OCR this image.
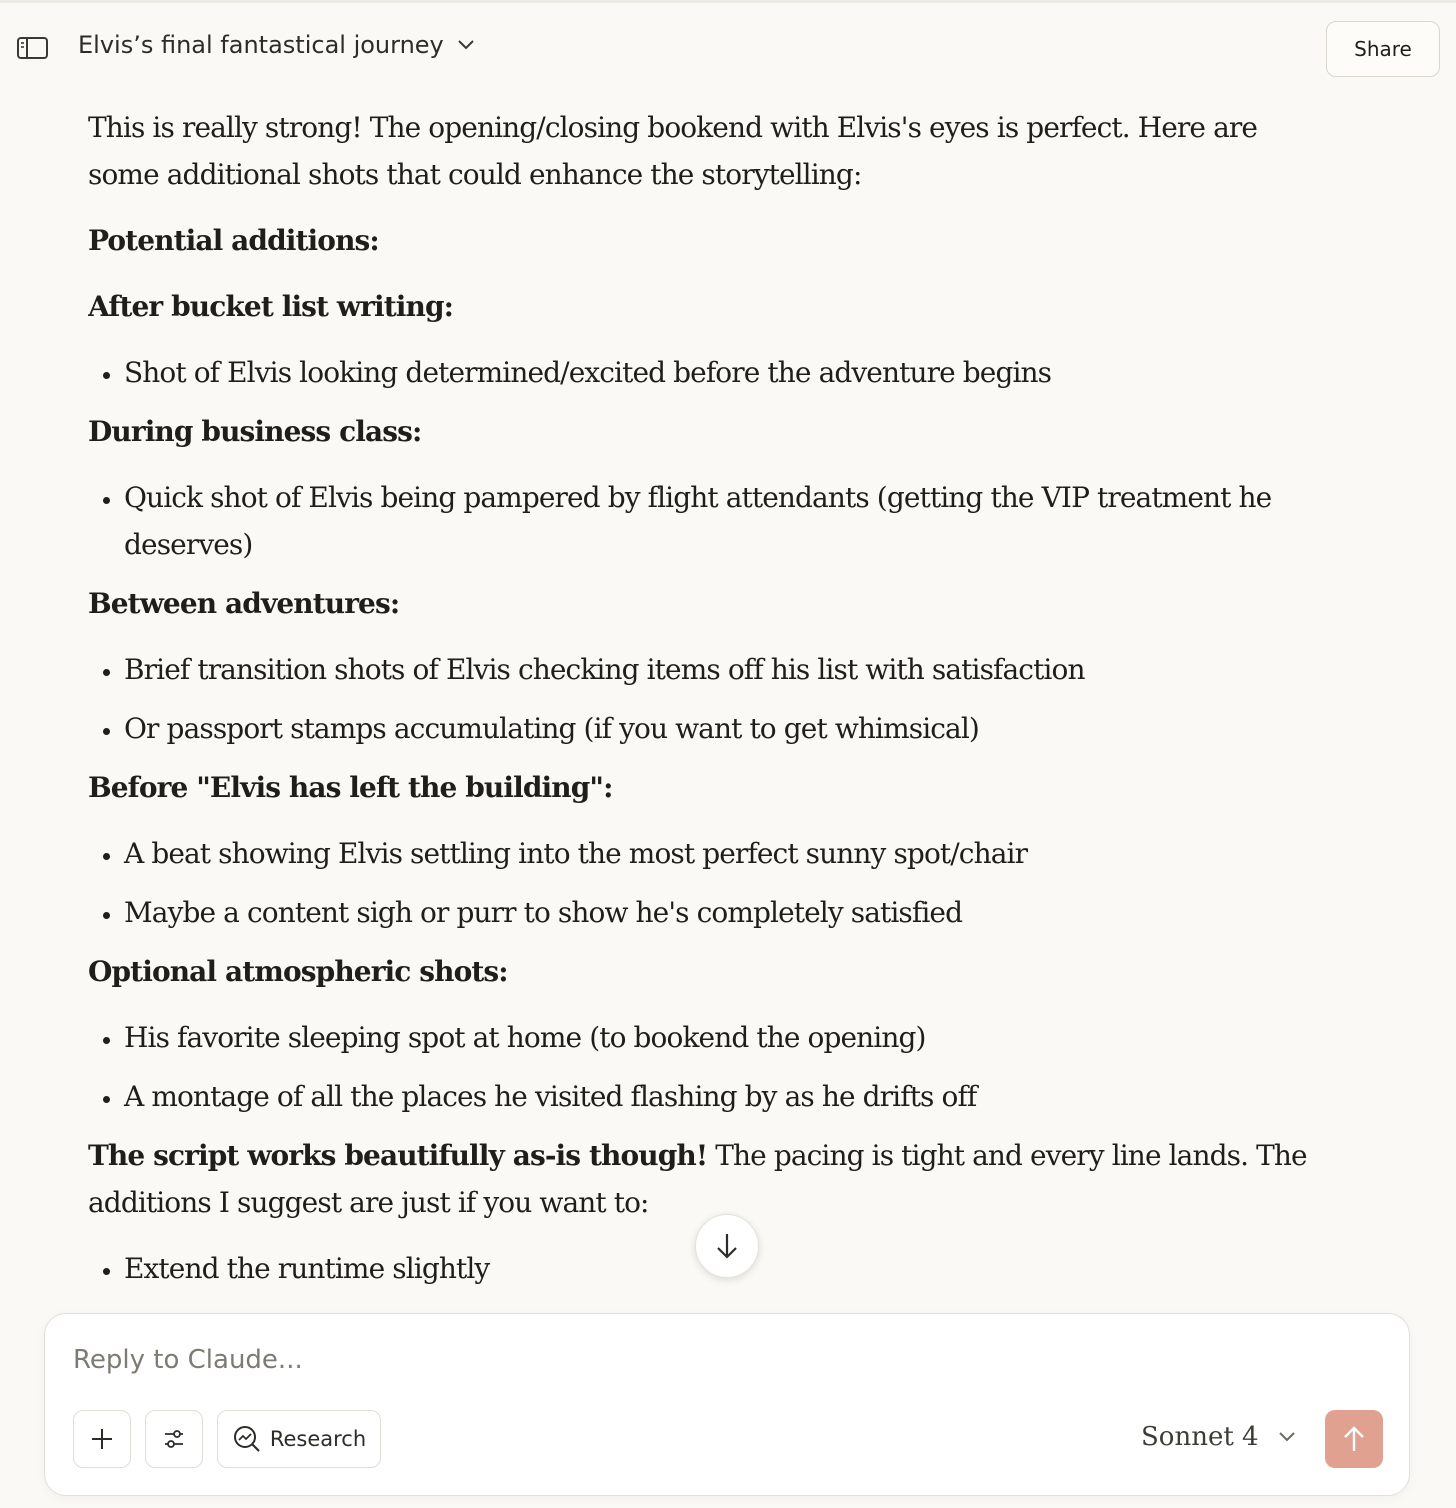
Elvis’s final fantastical journey	Share

This is really strong! The opening/closing bookend with Elvis's eyes is perfect. Here are some additional shots that could enhance the storytelling:

Potential additions:
After bucket list writing:
• Shot of Elvis looking determined/excited before the adventure begins
During business class:
• Quick shot of Elvis being pampered by flight attendants (getting the VIP treatment he deserves)
Between adventures:
• Brief transition shots of Elvis checking items off his list with satisfaction
• Or passport stamps accumulating (if you want to get whimsical)
Before "Elvis has left the building":
• A beat showing Elvis settling into the most perfect sunny spot/chair
• Maybe a content sigh or purr to show he's completely satisfied
Optional atmospheric shots:
• His favorite sleeping spot at home (to bookend the opening)
• A montage of all the places he visited flashing by as he drifts off

The script works beautifully as-is though! The pacing is tight and every line lands. The additions I suggest are just if you want to:

• Extend the runtime slightly
Reply to Claude...
Research	Sonnet 4
